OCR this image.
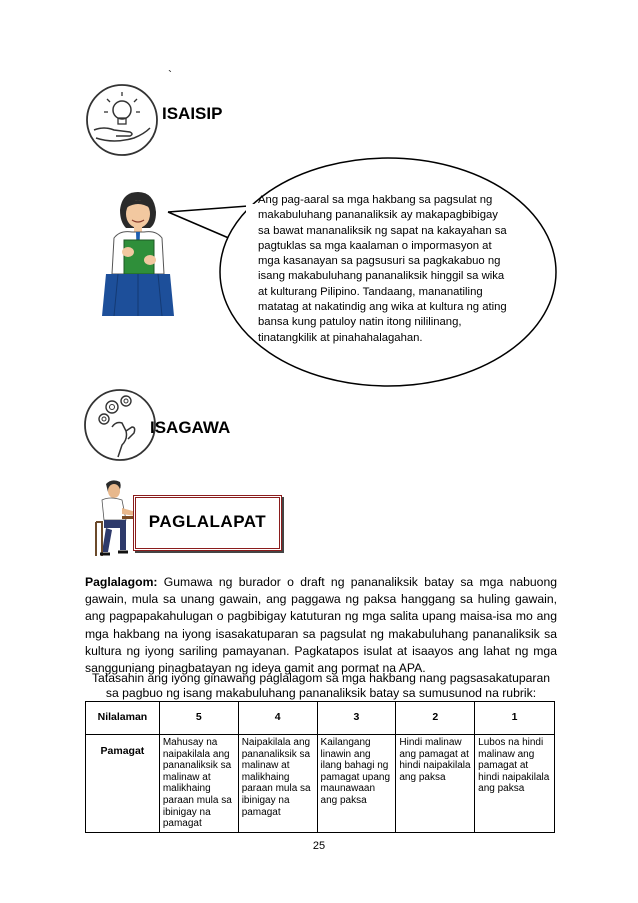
`
ISAISIP
Ang pag-aaral sa mga hakbang sa pagsulat ng makabuluhang pananaliksik ay makapagbibigay sa bawat mananaliksik ng sapat na kakayahan sa pagtuklas sa mga kaalaman o impormasyon at mga kasanayan sa pagsusuri sa pagkakabuo ng isang makabuluhang pananaliksik hinggil sa wika at kulturang Pilipino. Tandaang, mananatiling matatag at nakatindig ang wika at kultura ng ating bansa kung patuloy natin itong nililinang, tinatangkilik at pinahahalagahan.
ISAGAWA
PAGLALAPAT
Paglalagom: Gumawa ng burador o draft ng pananaliksik batay sa mga nabuong gawain, mula sa unang gawain, ang paggawa ng paksa hanggang sa huling gawain, ang pagpapakahulugan o pagbibigay katuturan ng mga salita upang maisa-isa mo ang mga hakbang na iyong isasakatuparan sa pagsulat ng makabuluhang pananaliksik sa kultura ng iyong sariling pamayanan. Pagkatapos isulat at isaayos ang lahat ng mga sangguniang pinagbatayan ng ideya gamit ang pormat na APA.
Tatasahin ang iyong ginawang paglalagom sa mga hakbang nang pagsasakatuparan sa pagbuo ng isang makabuluhang pananaliksik batay sa sumusunod na rubrik:
Nilalaman	5	4	3	2	1
Pamagat	Mahusay na naipakilala ang pananaliksik sa malinaw at malikhaing paraan mula sa ibinigay na pamagat	Naipakilala ang pananaliksik sa malinaw at malikhaing paraan mula sa ibinigay na pamagat	Kailangang linawin ang ilang bahagi ng pamagat upang maunawaan ang paksa	Hindi malinaw ang pamagat at hindi naipakilala ang paksa	Lubos na hindi malinaw ang pamagat at hindi naipakilala ang paksa
25
